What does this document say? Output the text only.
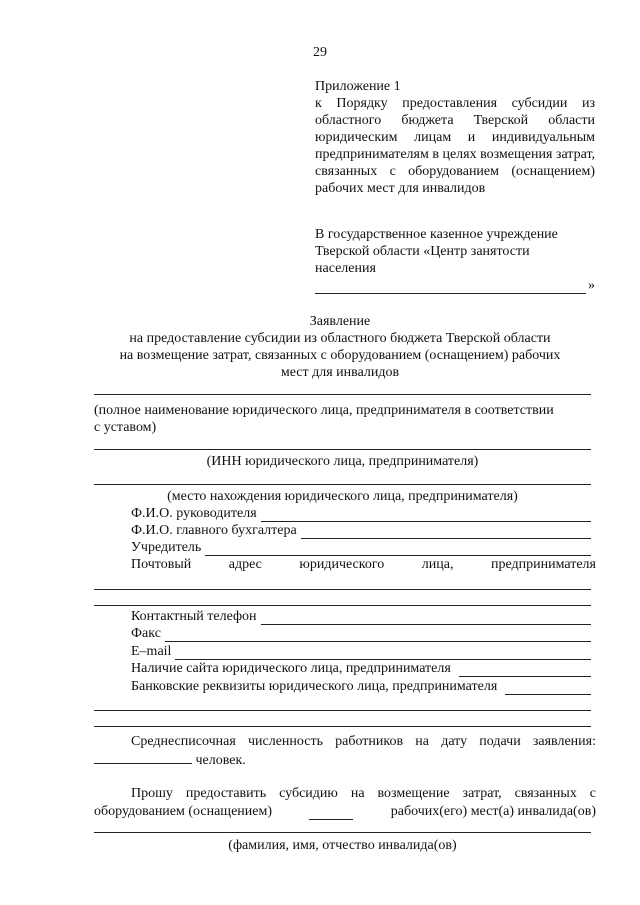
29
Приложение 1
к Порядку предоставления субсидии из областного бюджета Тверской области юридическим лицам и индивидуальным предпринимателям в целях возмещения затрат, связанных с оборудованием (оснащением) рабочих мест для инвалидов
В государственное казенное учреждение
Тверской области «Центр занятости
населения
»
Заявление
на предоставление субсидии из областного бюджета Тверской области
на возмещение затрат, связанных с оборудованием (оснащением) рабочих
мест для инвалидов
(полное наименование юридического лица, предпринимателя в соответствии
с уставом)
(ИНН юридического лица, предпринимателя)
(место нахождения юридического лица, предпринимателя)
Ф.И.О. руководителя
Ф.И.О. главного бухгалтера
Учредитель
Почтовый	адрес	юридического	лица,	предпринимателя
Контактный телефон
Факс
E–mail
Наличие сайта юридического лица, предпринимателя
Банковские реквизиты юридического лица, предпринимателя
Среднесписочная численность работников на дату подачи заявления:
человек.
Прошу предоставить субсидию на возмещение затрат, связанных с
оборудованием (оснащением)	рабочих(его) мест(а) инвалида(ов)
(фамилия, имя, отчество инвалида(ов)
